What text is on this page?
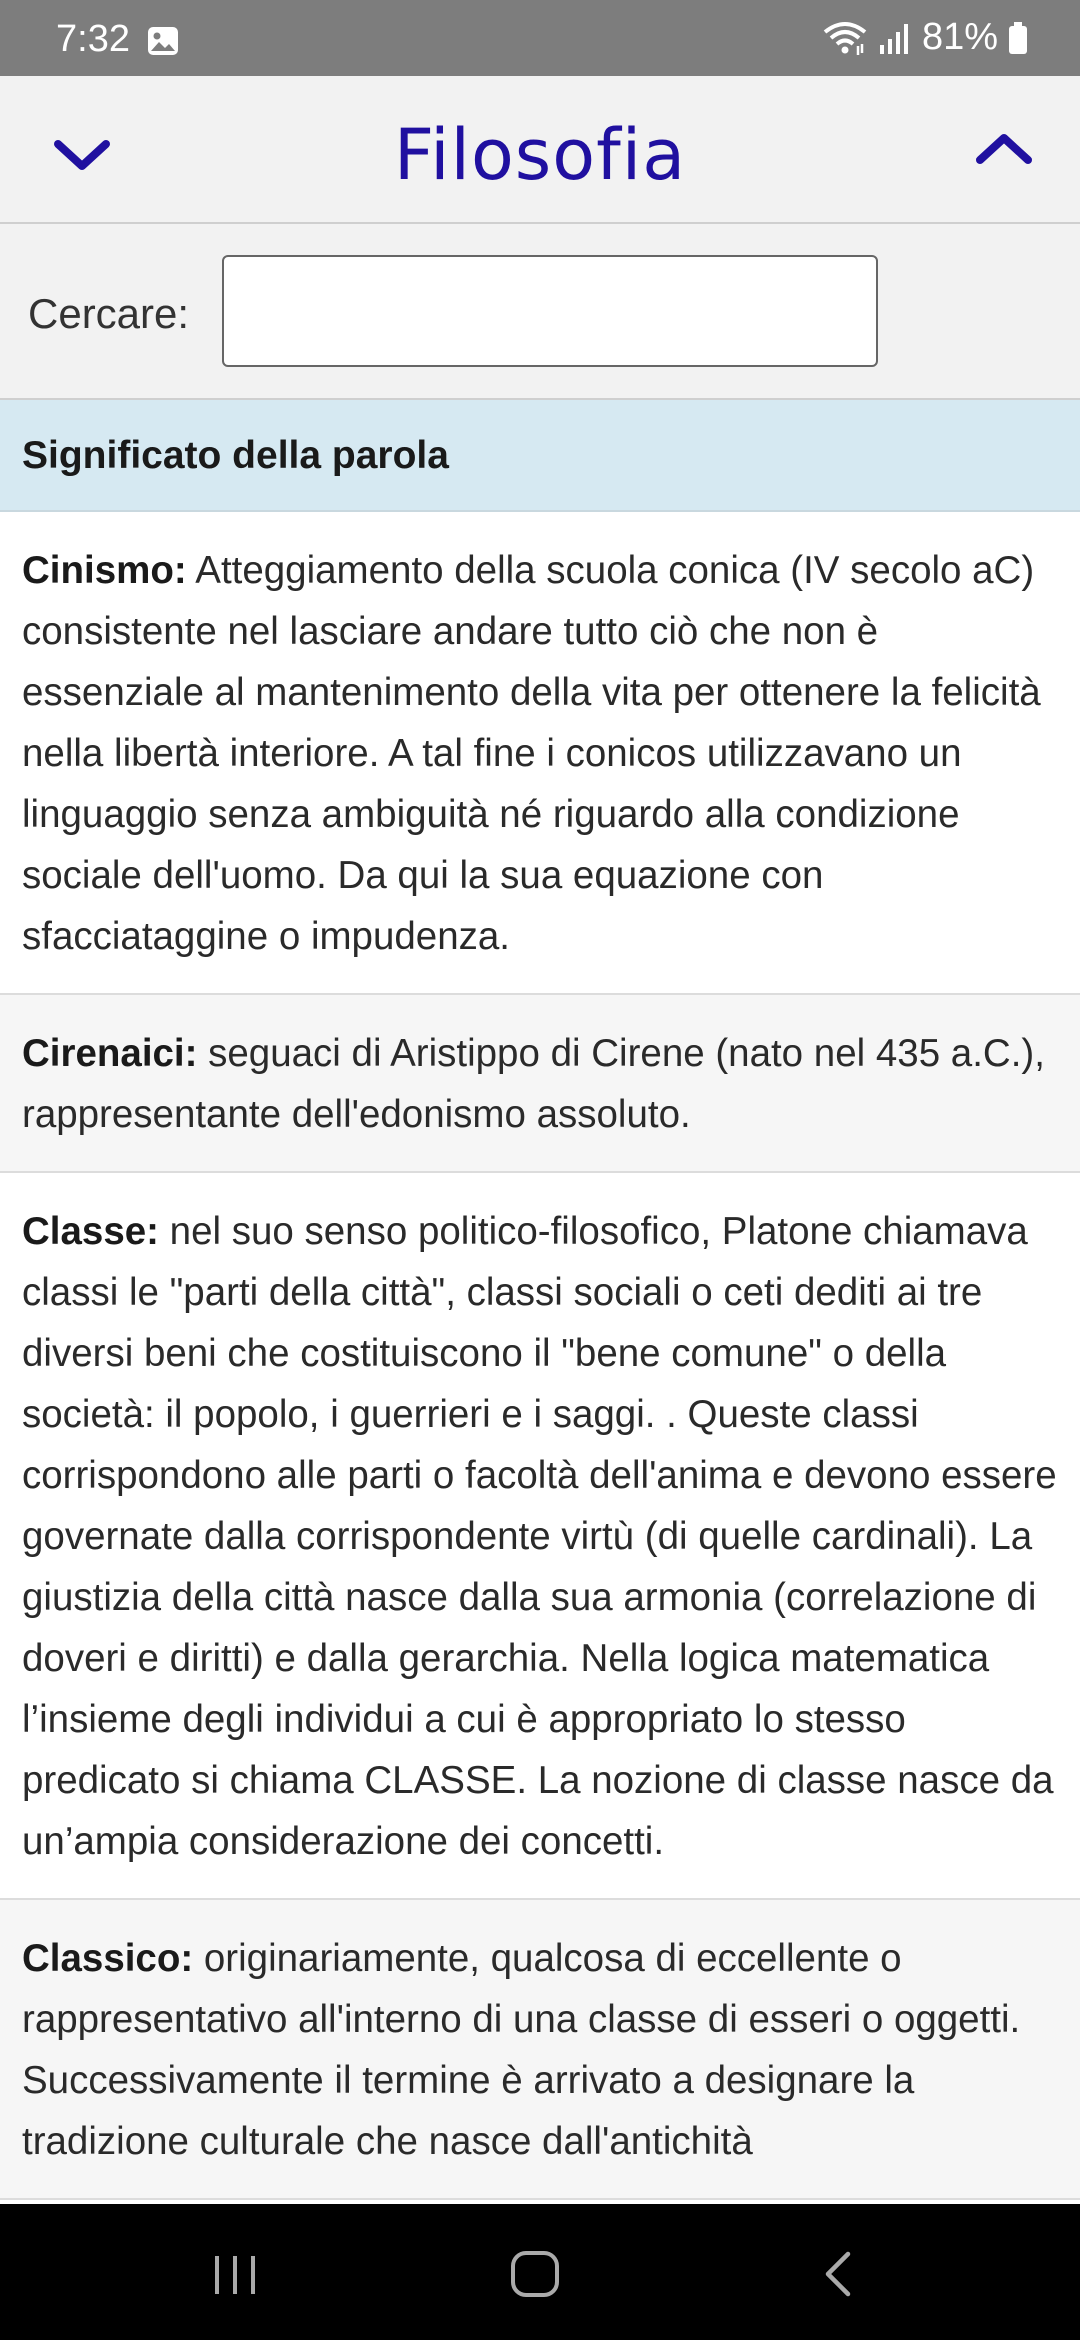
7:32	81%
Filosofia
Cercare:
Significato della parola
Cinismo: Atteggiamento della scuola conica (IV secolo aC) consistente nel lasciare andare tutto ciò che non è essenziale al mantenimento della vita per ottenere la felicità nella libertà interiore. A tal fine i conicos utilizzavano un linguaggio senza ambiguità né riguardo alla condizione sociale dell'uomo. Da qui la sua equazione con sfacciataggine o impudenza.
Cirenaici: seguaci di Aristippo di Cirene (nato nel 435 a.C.), rappresentante dell'edonismo assoluto.
Classe: nel suo senso politico-filosofico, Platone chiamava classi le "parti della città", classi sociali o ceti dediti ai tre diversi beni che costituiscono il "bene comune" o della società: il popolo, i guerrieri e i saggi. . Queste classi corrispondono alle parti o facoltà dell'anima e devono essere governate dalla corrispondente virtù (di quelle cardinali). La giustizia della città nasce dalla sua armonia (correlazione di doveri e diritti) e dalla gerarchia. Nella logica matematica l’insieme degli individui a cui è appropriato lo stesso predicato si chiama CLASSE. La nozione di classe nasce da un’ampia considerazione dei concetti.
Classico: originariamente, qualcosa di eccellente o rappresentativo all'interno di una classe di esseri o oggetti. Successivamente il termine è arrivato a designare la tradizione culturale che nasce dall'antichità
